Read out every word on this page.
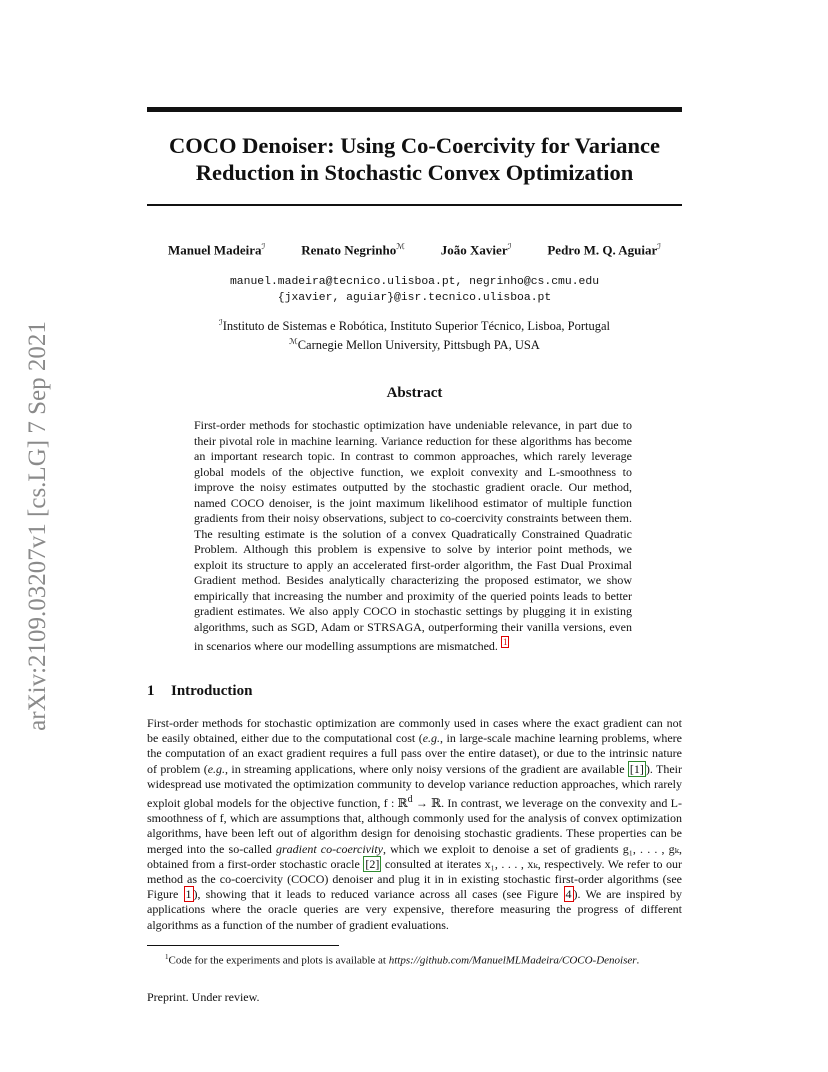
arXiv:2109.03207v1 [cs.LG] 7 Sep 2021
COCO Denoiser: Using Co-Coercivity for Variance Reduction in Stochastic Convex Optimization
Manuel Madeira$^ℐ$	Renato Negrinho$^ℳ$	João Xavier$^ℐ$	Pedro M. Q. Aguiar$^ℐ$
manuel.madeira@tecnico.ulisboa.pt, negrinho@cs.cmu.edu
{jxavier, aguiar}@isr.tecnico.ulisboa.pt
$^ℐ$Instituto de Sistemas e Robótica, Instituto Superior Técnico, Lisboa, Portugal
$^ℳ$Carnegie Mellon University, Pittsbugh PA, USA
Abstract

First-order methods for stochastic optimization have undeniable relevance, in part due to their pivotal role in machine learning. Variance reduction for these algorithms has become an important research topic. In contrast to common approaches, which rarely leverage global models of the objective function, we exploit convexity and L-smoothness to improve the noisy estimates outputted by the stochastic gradient oracle. Our method, named COCO denoiser, is the joint maximum likelihood estimator of multiple function gradients from their noisy observations, subject to co-coercivity constraints between them. The resulting estimate is the solution of a convex Quadratically Constrained Quadratic Problem. Although this problem is expensive to solve by interior point methods, we exploit its structure to apply an accelerated first-order algorithm, the Fast Dual Proximal Gradient method. Besides analytically characterizing the proposed estimator, we show empirically that increasing the number and proximity of the queried points leads to better gradient estimates. We also apply COCO in stochastic settings by plugging it in existing algorithms, such as SGD, Adam or STRSAGA, outperforming their vanilla versions, even in scenarios where our modelling assumptions are mismatched. $^1$

1 Introduction

First-order methods for stochastic optimization are commonly used in cases where the exact gradient can not be easily obtained, either due to the computational cost (e.g., in large-scale machine learning problems, where the computation of an exact gradient requires a full pass over the entire dataset), or due to the intrinsic nature of problem (e.g., in streaming applications, where only noisy versions of the gradient are available [1] ). Their widespread use motivated the optimization community to develop variance reduction approaches, which rarely exploit global models for the objective function, f : ℝ$^d$ → ℝ. In contrast, we leverage on the convexity and L-smoothness of f, which are assumptions that, although commonly used for the analysis of convex optimization algorithms, have been left out of algorithm design for denoising stochastic gradients. These properties can be merged into the so-called gradient co-coercivity, which we exploit to denoise a set of gradients g₁, . . . , gₖ, obtained from a first-order stochastic oracle [2] consulted at iterates x₁, . . . , xₖ, respectively. We refer to our method as the co-coercivity (COCO) denoiser and plug it in in existing stochastic first-order algorithms (see Figure 1 ), showing that it leads to reduced variance across all cases (see Figure 4 ). We are inspired by applications where the oracle queries are very expensive, therefore measuring the progress of different algorithms as a function of the number of gradient evaluations.

$^1$Code for the experiments and plots is available at https://github.com/ManuelMLMadeira/COCO-Denoiser.

Preprint. Under review.
